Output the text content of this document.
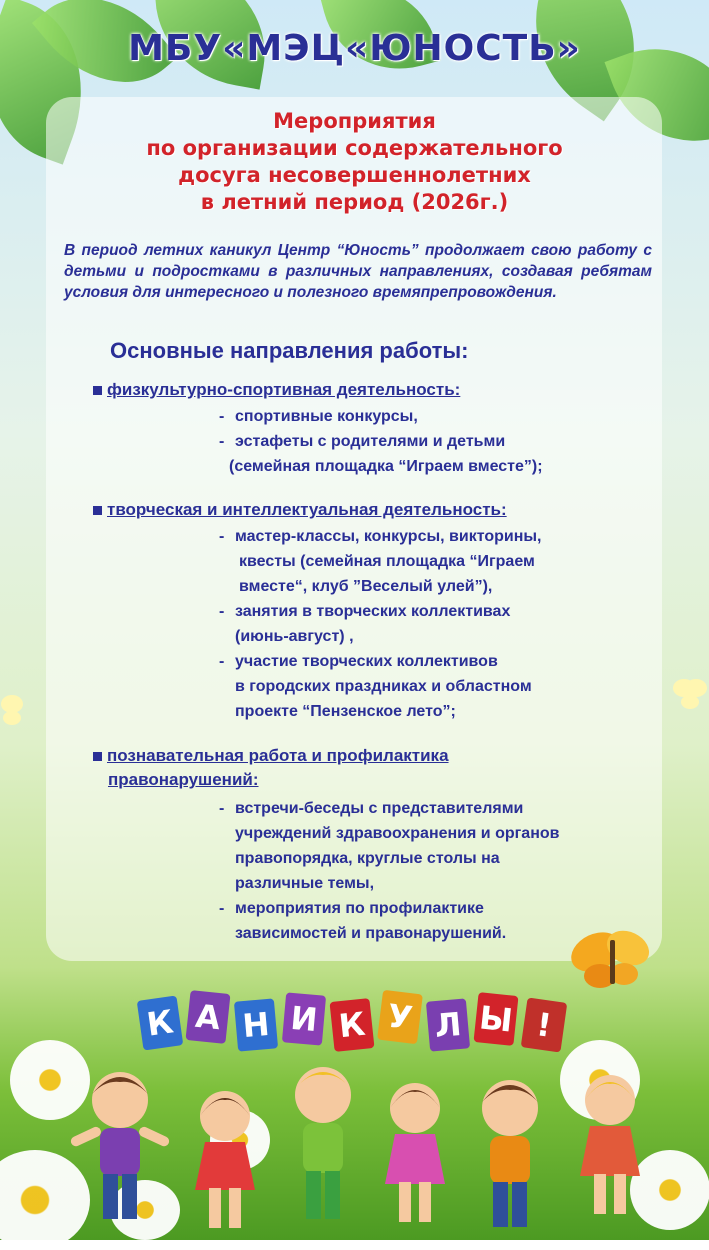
МБУ«МЭЦ«ЮНОСТЬ»
Мероприятия
по организации содержательного
досуга несовершеннолетних
в летний период (2026г.)
В период летних каникул Центр “Юность” продолжает свою работу с детьми и подростками в различных направлениях, создавая ребятам условия для интересного и полезного времяпрепровождения.
Основные направления работы:
физкультурно-спортивная деятельность:
- спортивные конкурсы,
- эстафеты с родителями и детьми
(семейная площадка “Играем вместе”);
творческая и интеллектуальная деятельность:
- мастер-классы, конкурсы, викторины,
квесты (семейная площадка “Играем
вместе“, клуб ”Веселый улей”),
- занятия в творческих коллективах
(июнь-август) ,
- участие творческих коллективов
в городских праздниках и областном
проекте “Пензенское лето”;
познавательная работа и профилактика
правонарушений:
- встречи-беседы с представителями
учреждений здравоохранения и органов
правопорядка, круглые столы на
различные темы,
- мероприятия по профилактике
зависимостей и правонарушений.
К А Н И К У Л Ы !
